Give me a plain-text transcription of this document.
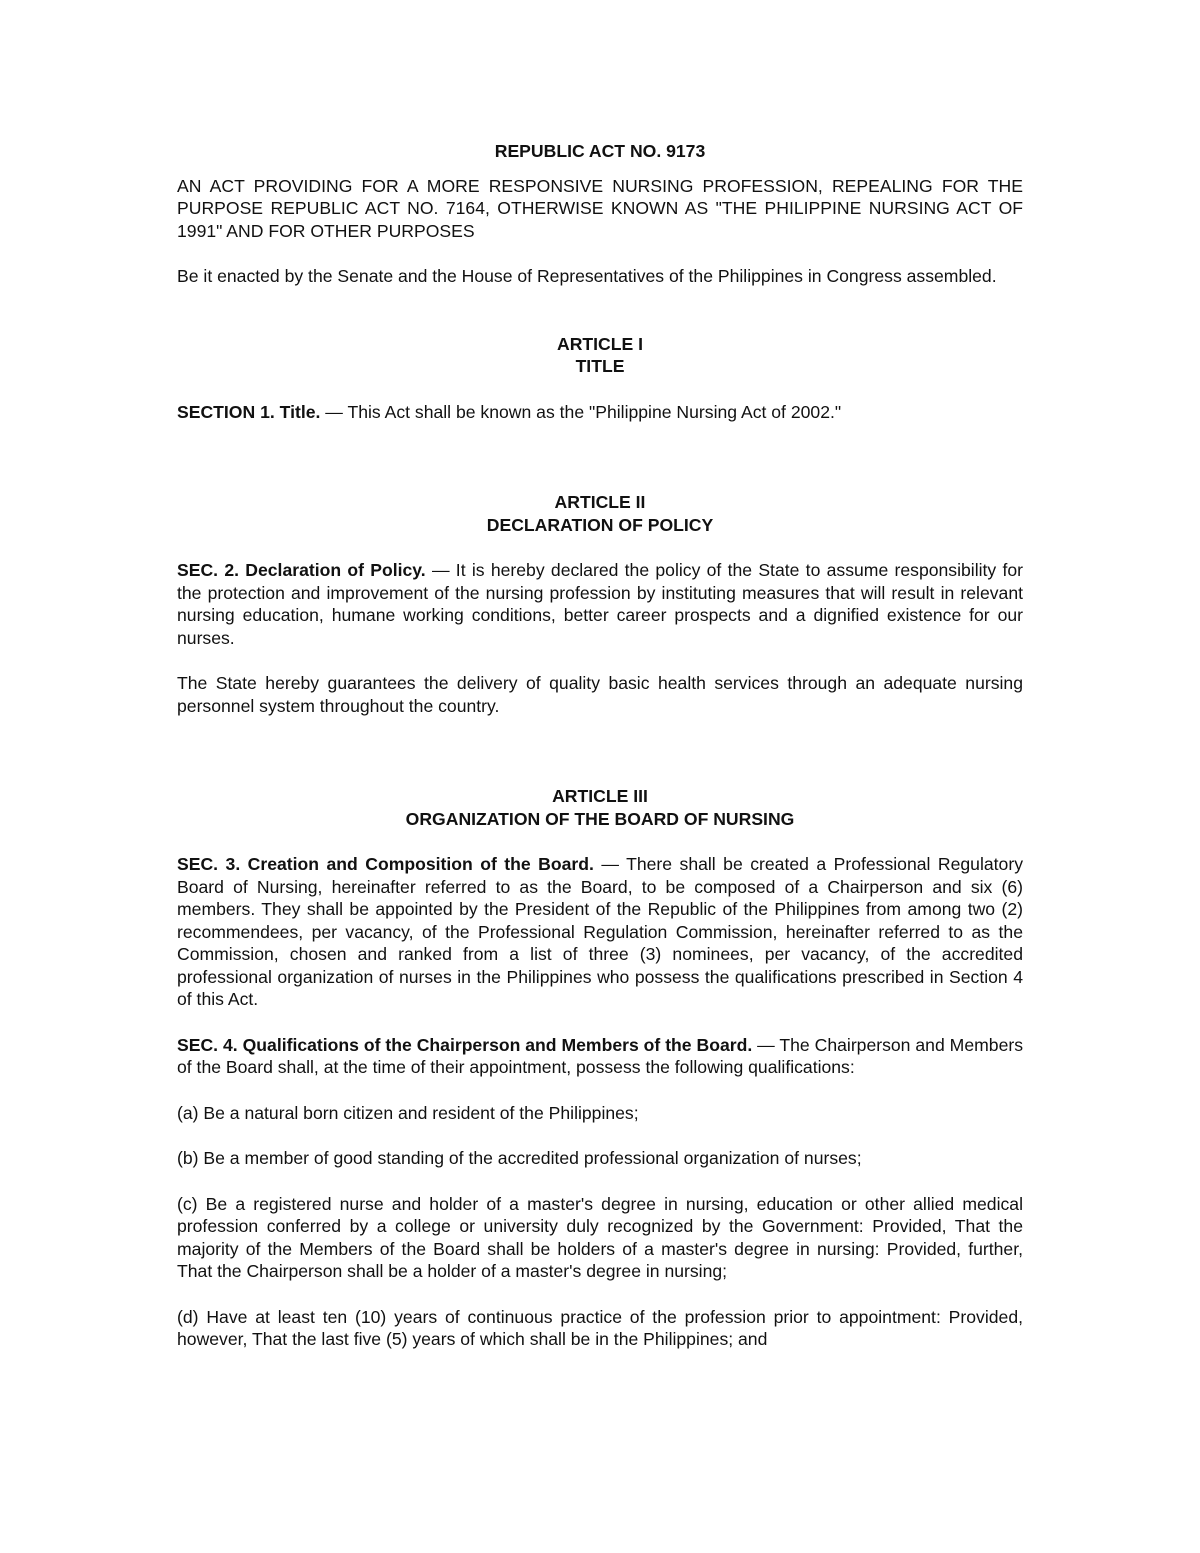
REPUBLIC ACT NO. 9173

AN ACT PROVIDING FOR A MORE RESPONSIVE NURSING PROFESSION, REPEALING FOR THE PURPOSE REPUBLIC ACT NO. 7164, OTHERWISE KNOWN AS "THE PHILIPPINE NURSING ACT OF 1991" AND FOR OTHER PURPOSES

Be it enacted by the Senate and the House of Representatives of the Philippines in Congress assembled.

ARTICLE I

TITLE

SECTION 1. Title. — This Act shall be known as the "Philippine Nursing Act of 2002."

ARTICLE II

DECLARATION OF POLICY

SEC. 2. Declaration of Policy. — It is hereby declared the policy of the State to assume responsibility for the protection and improvement of the nursing profession by instituting measures that will result in relevant nursing education, humane working conditions, better career prospects and a dignified existence for our nurses.

The State hereby guarantees the delivery of quality basic health services through an adequate nursing personnel system throughout the country.

ARTICLE III

ORGANIZATION OF THE BOARD OF NURSING

SEC. 3. Creation and Composition of the Board. — There shall be created a Professional Regulatory Board of Nursing, hereinafter referred to as the Board, to be composed of a Chairperson and six (6) members. They shall be appointed by the President of the Republic of the Philippines from among two (2) recommendees, per vacancy, of the Professional Regulation Commission, hereinafter referred to as the Commission, chosen and ranked from a list of three (3) nominees, per vacancy, of the accredited professional organization of nurses in the Philippines who possess the qualifications prescribed in Section 4 of this Act.

SEC. 4. Qualifications of the Chairperson and Members of the Board. — The Chairperson and Members of the Board shall, at the time of their appointment, possess the following qualifications:

(a) Be a natural born citizen and resident of the Philippines;

(b) Be a member of good standing of the accredited professional organization of nurses;

(c) Be a registered nurse and holder of a master's degree in nursing, education or other allied medical profession conferred by a college or university duly recognized by the Government: Provided, That the majority of the Members of the Board shall be holders of a master's degree in nursing: Provided, further, That the Chairperson shall be a holder of a master's degree in nursing;

(d) Have at least ten (10) years of continuous practice of the profession prior to appointment: Provided, however, That the last five (5) years of which shall be in the Philippines; and
